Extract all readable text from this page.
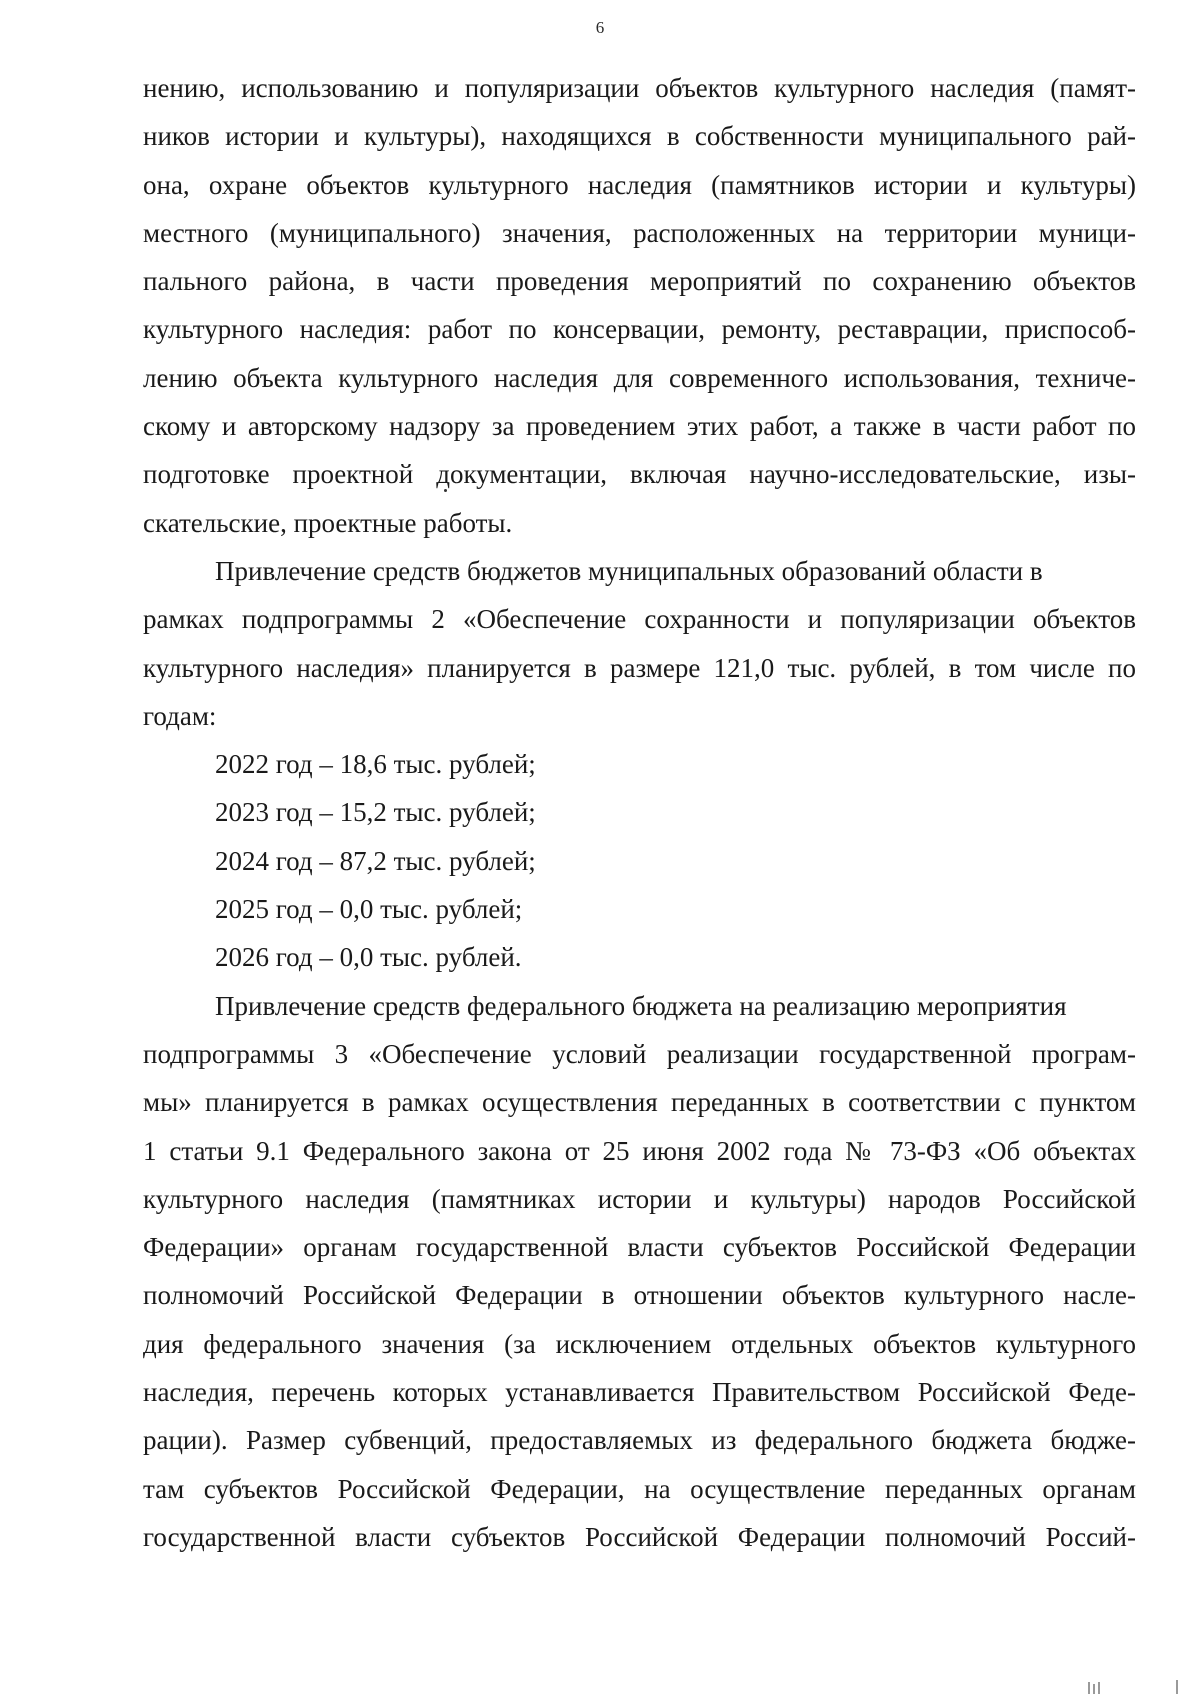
6
нению, использованию и популяризации объектов культурного наследия (памят-
ников истории и культуры), находящихся в собственности муниципального рай-
она, охране объектов культурного наследия (памятников истории и культуры)
местного (муниципального) значения, расположенных на территории муници-
пального района, в части проведения мероприятий по сохранению объектов
культурного наследия: работ по консервации, ремонту, реставрации, приспособ-
лению объекта культурного наследия для современного использования, техниче-
скому и авторскому надзору за проведением этих работ, а также в части работ по
подготовке проектной документации, включая научно-исследовательские, изы-
скательские, проектные работы.
Привлечение средств бюджетов муниципальных образований области в
рамках подпрограммы 2 «Обеспечение сохранности и популяризации объектов
культурного наследия» планируется в размере 121,0 тыс. рублей, в том числе по
годам:
2022 год – 18,6 тыс. рублей;
2023 год – 15,2 тыс. рублей;
2024 год – 87,2 тыс. рублей;
2025 год – 0,0 тыс. рублей;
2026 год – 0,0 тыс. рублей.
Привлечение средств федерального бюджета на реализацию мероприятия
подпрограммы 3 «Обеспечение условий реализации государственной програм-
мы» планируется в рамках осуществления переданных в соответствии с пунктом
1 статьи 9.1 Федерального закона от 25 июня 2002 года № 73-ФЗ «Об объектах
культурного наследия (памятниках истории и культуры) народов Российской
Федерации» органам государственной власти субъектов Российской Федерации
полномочий Российской Федерации в отношении объектов культурного насле-
дия федерального значения (за исключением отдельных объектов культурного
наследия, перечень которых устанавливается Правительством Российской Феде-
рации). Размер субвенций, предоставляемых из федерального бюджета бюдже-
там субъектов Российской Федерации, на осуществление переданных органам
государственной власти субъектов Российской Федерации полномочий Россий-
